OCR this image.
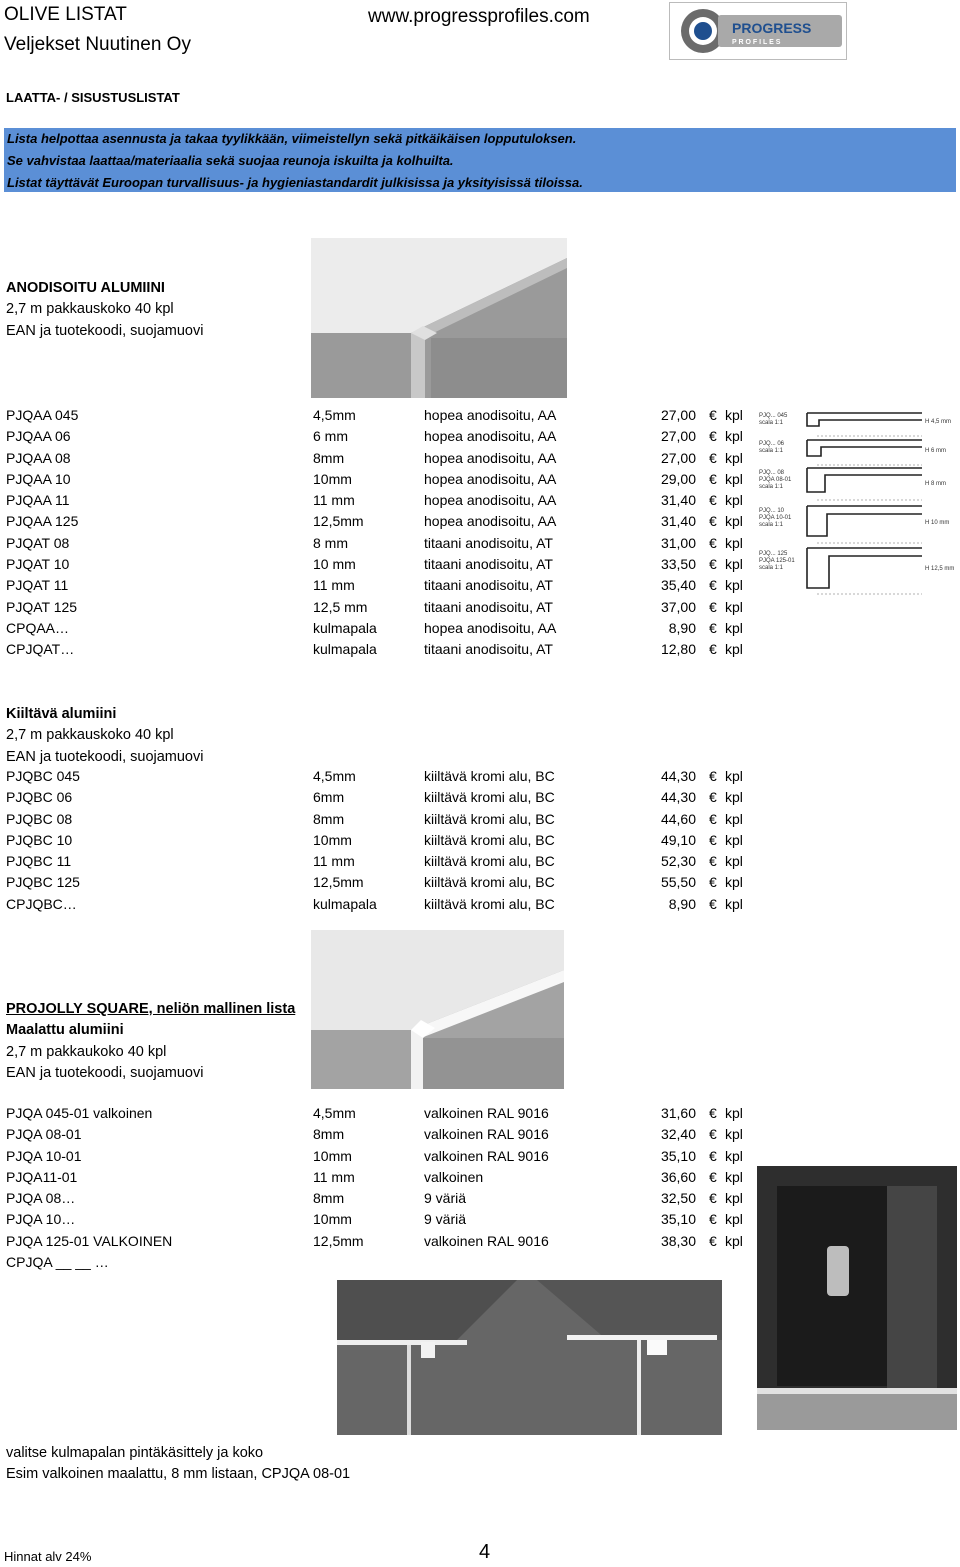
OLIVE LISTAT
Veljekset Nuutinen Oy
www.progressprofiles.com
PROGRESS
P R O F I L E S
LAATTA- / SISUSTUSLISTAT
Lista helpottaa asennusta ja takaa tyylikkään, viimeistellyn sekä pitkäikäisen lopputuloksen.
Se vahvistaa laattaa/materiaalia sekä suojaa reunoja iskuilta ja kolhuilta.
Listat täyttävät Euroopan turvallisuus- ja hygieniastandardit julkisissa ja yksityisissä tiloissa.
ANODISOITU ALUMIINI
2,7 m pakkauskoko 40 kpl
EAN ja tuotekoodi, suojamuovi
PJQAA 045	4,5mm	hopea anodisoitu, AA	27,00 € kpl
PJQAA 06	6 mm	hopea anodisoitu, AA	27,00 € kpl
PJQAA 08	8mm	hopea anodisoitu, AA	27,00 € kpl
PJQAA 10	10mm	hopea anodisoitu, AA	29,00 € kpl
PJQAA 11	11 mm	hopea anodisoitu, AA	31,40 € kpl
PJQAA 125	12,5mm	hopea anodisoitu, AA	31,40 € kpl
PJQAT 08	8 mm	titaani anodisoitu, AT	31,00 € kpl
PJQAT 10	10 mm	titaani anodisoitu, AT	33,50 € kpl
PJQAT 11	11 mm	titaani anodisoitu, AT	35,40 € kpl
PJQAT 125	12,5 mm	titaani anodisoitu, AT	37,00 € kpl
CPQAA…	kulmapala	hopea anodisoitu, AA	8,90 € kpl
CPJQAT…	kulmapala	titaani anodisoitu, AT	12,80 € kpl
PJQ... 045
scala 1:1	H 4,5 mm
PJQ... 06
scala 1:1	H 6 mm
PJQ... 08
PJQA 08-01
scala 1:1	H 8 mm
PJQ... 10
PJQA 10-01
scala 1:1	H 10 mm
PJQ... 125
PJQA 125-01
scala 1:1	H 12,5 mm
Kiiltävä alumiini
2,7 m pakkauskoko 40 kpl
EAN ja tuotekoodi, suojamuovi
PJQBC 045	4,5mm	kiiltävä kromi alu, BC	44,30 € kpl
PJQBC 06	6mm	kiiltävä kromi alu, BC	44,30 € kpl
PJQBC 08	8mm	kiiltävä kromi alu, BC	44,60 € kpl
PJQBC 10	10mm	kiiltävä kromi alu, BC	49,10 € kpl
PJQBC 11	11 mm	kiiltävä kromi alu, BC	52,30 € kpl
PJQBC 125	12,5mm	kiiltävä kromi alu, BC	55,50 € kpl
CPJQBC…	kulmapala	kiiltävä kromi alu, BC	8,90 € kpl
PROJOLLY SQUARE, neliön mallinen lista
Maalattu alumiini
2,7 m pakkaukoko 40 kpl
EAN ja tuotekoodi, suojamuovi
PJQA 045-01 valkoinen	4,5mm	valkoinen RAL 9016	31,60 € kpl
PJQA 08-01	8mm	valkoinen RAL 9016	32,40 € kpl
PJQA 10-01	10mm	valkoinen RAL 9016	35,10 € kpl
PJQA11-01	11 mm	valkoinen	36,60 € kpl
PJQA 08…	8mm	9 väriä	32,50 € kpl
PJQA 10…	10mm	9 väriä	35,10 € kpl
PJQA 125-01 VALKOINEN	12,5mm	valkoinen RAL 9016	38,30 € kpl
CPJQA __ __ …
valitse kulmapalan pintäkäsittely ja koko
Esim valkoinen maalattu, 8 mm listaan, CPJQA 08-01
Hinnat alv 24%	4
